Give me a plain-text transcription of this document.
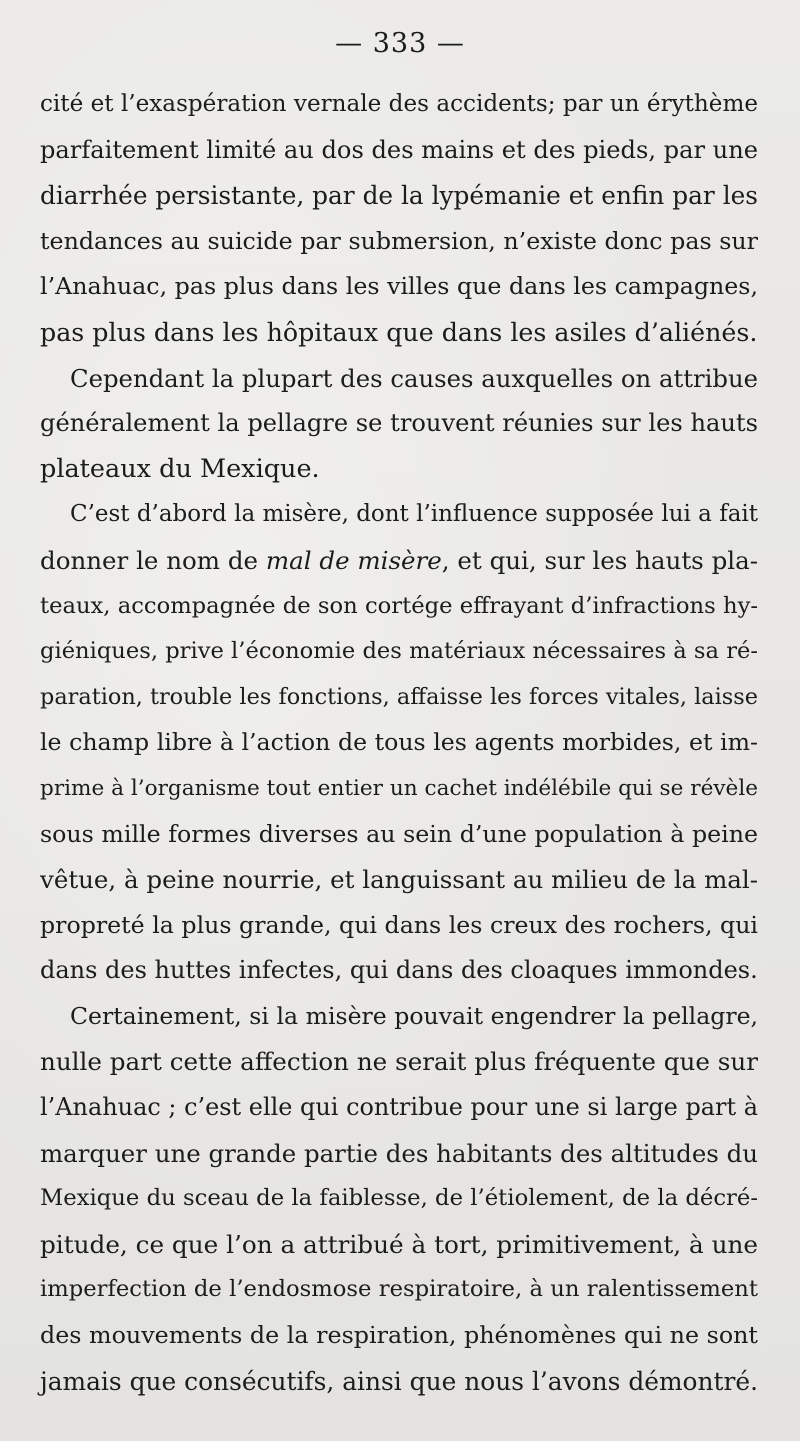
— 333 —

cité et l’exaspération vernale des accidents; par un érythème
parfaitement limité au dos des mains et des pieds, par une
diarrhée persistante, par de la lypémanie et enfin par les
tendances au suicide par submersion, n’existe donc pas sur
l’Anahuac, pas plus dans les villes que dans les campagnes,
pas plus dans les hôpitaux que dans les asiles d’aliénés.

Cependant la plupart des causes auxquelles on attribue
généralement la pellagre se trouvent réunies sur les hauts
plateaux du Mexique.

C’est d’abord la misère, dont l’influence supposée lui a fait
donner le nom de mal de misère, et qui, sur les hauts pla-
teaux, accompagnée de son cortége effrayant d’infractions hy-
giéniques, prive l’économie des matériaux nécessaires à sa ré-
paration, trouble les fonctions, affaisse les forces vitales, laisse
le champ libre à l’action de tous les agents morbides, et im-
prime à l’organisme tout entier un cachet indélébile qui se révèle
sous mille formes diverses au sein d’une population à peine
vêtue, à peine nourrie, et languissant au milieu de la mal-
propreté la plus grande, qui dans les creux des rochers, qui
dans des huttes infectes, qui dans des cloaques immondes.

Certainement, si la misère pouvait engendrer la pellagre,
nulle part cette affection ne serait plus fréquente que sur
l’Anahuac ; c’est elle qui contribue pour une si large part à
marquer une grande partie des habitants des altitudes du
Mexique du sceau de la faiblesse, de l’étiolement, de la décré-
pitude, ce que l’on a attribué à tort, primitivement, à une
imperfection de l’endosmose respiratoire, à un ralentissement
des mouvements de la respiration, phénomènes qui ne sont
jamais que consécutifs, ainsi que nous l’avons démontré.
